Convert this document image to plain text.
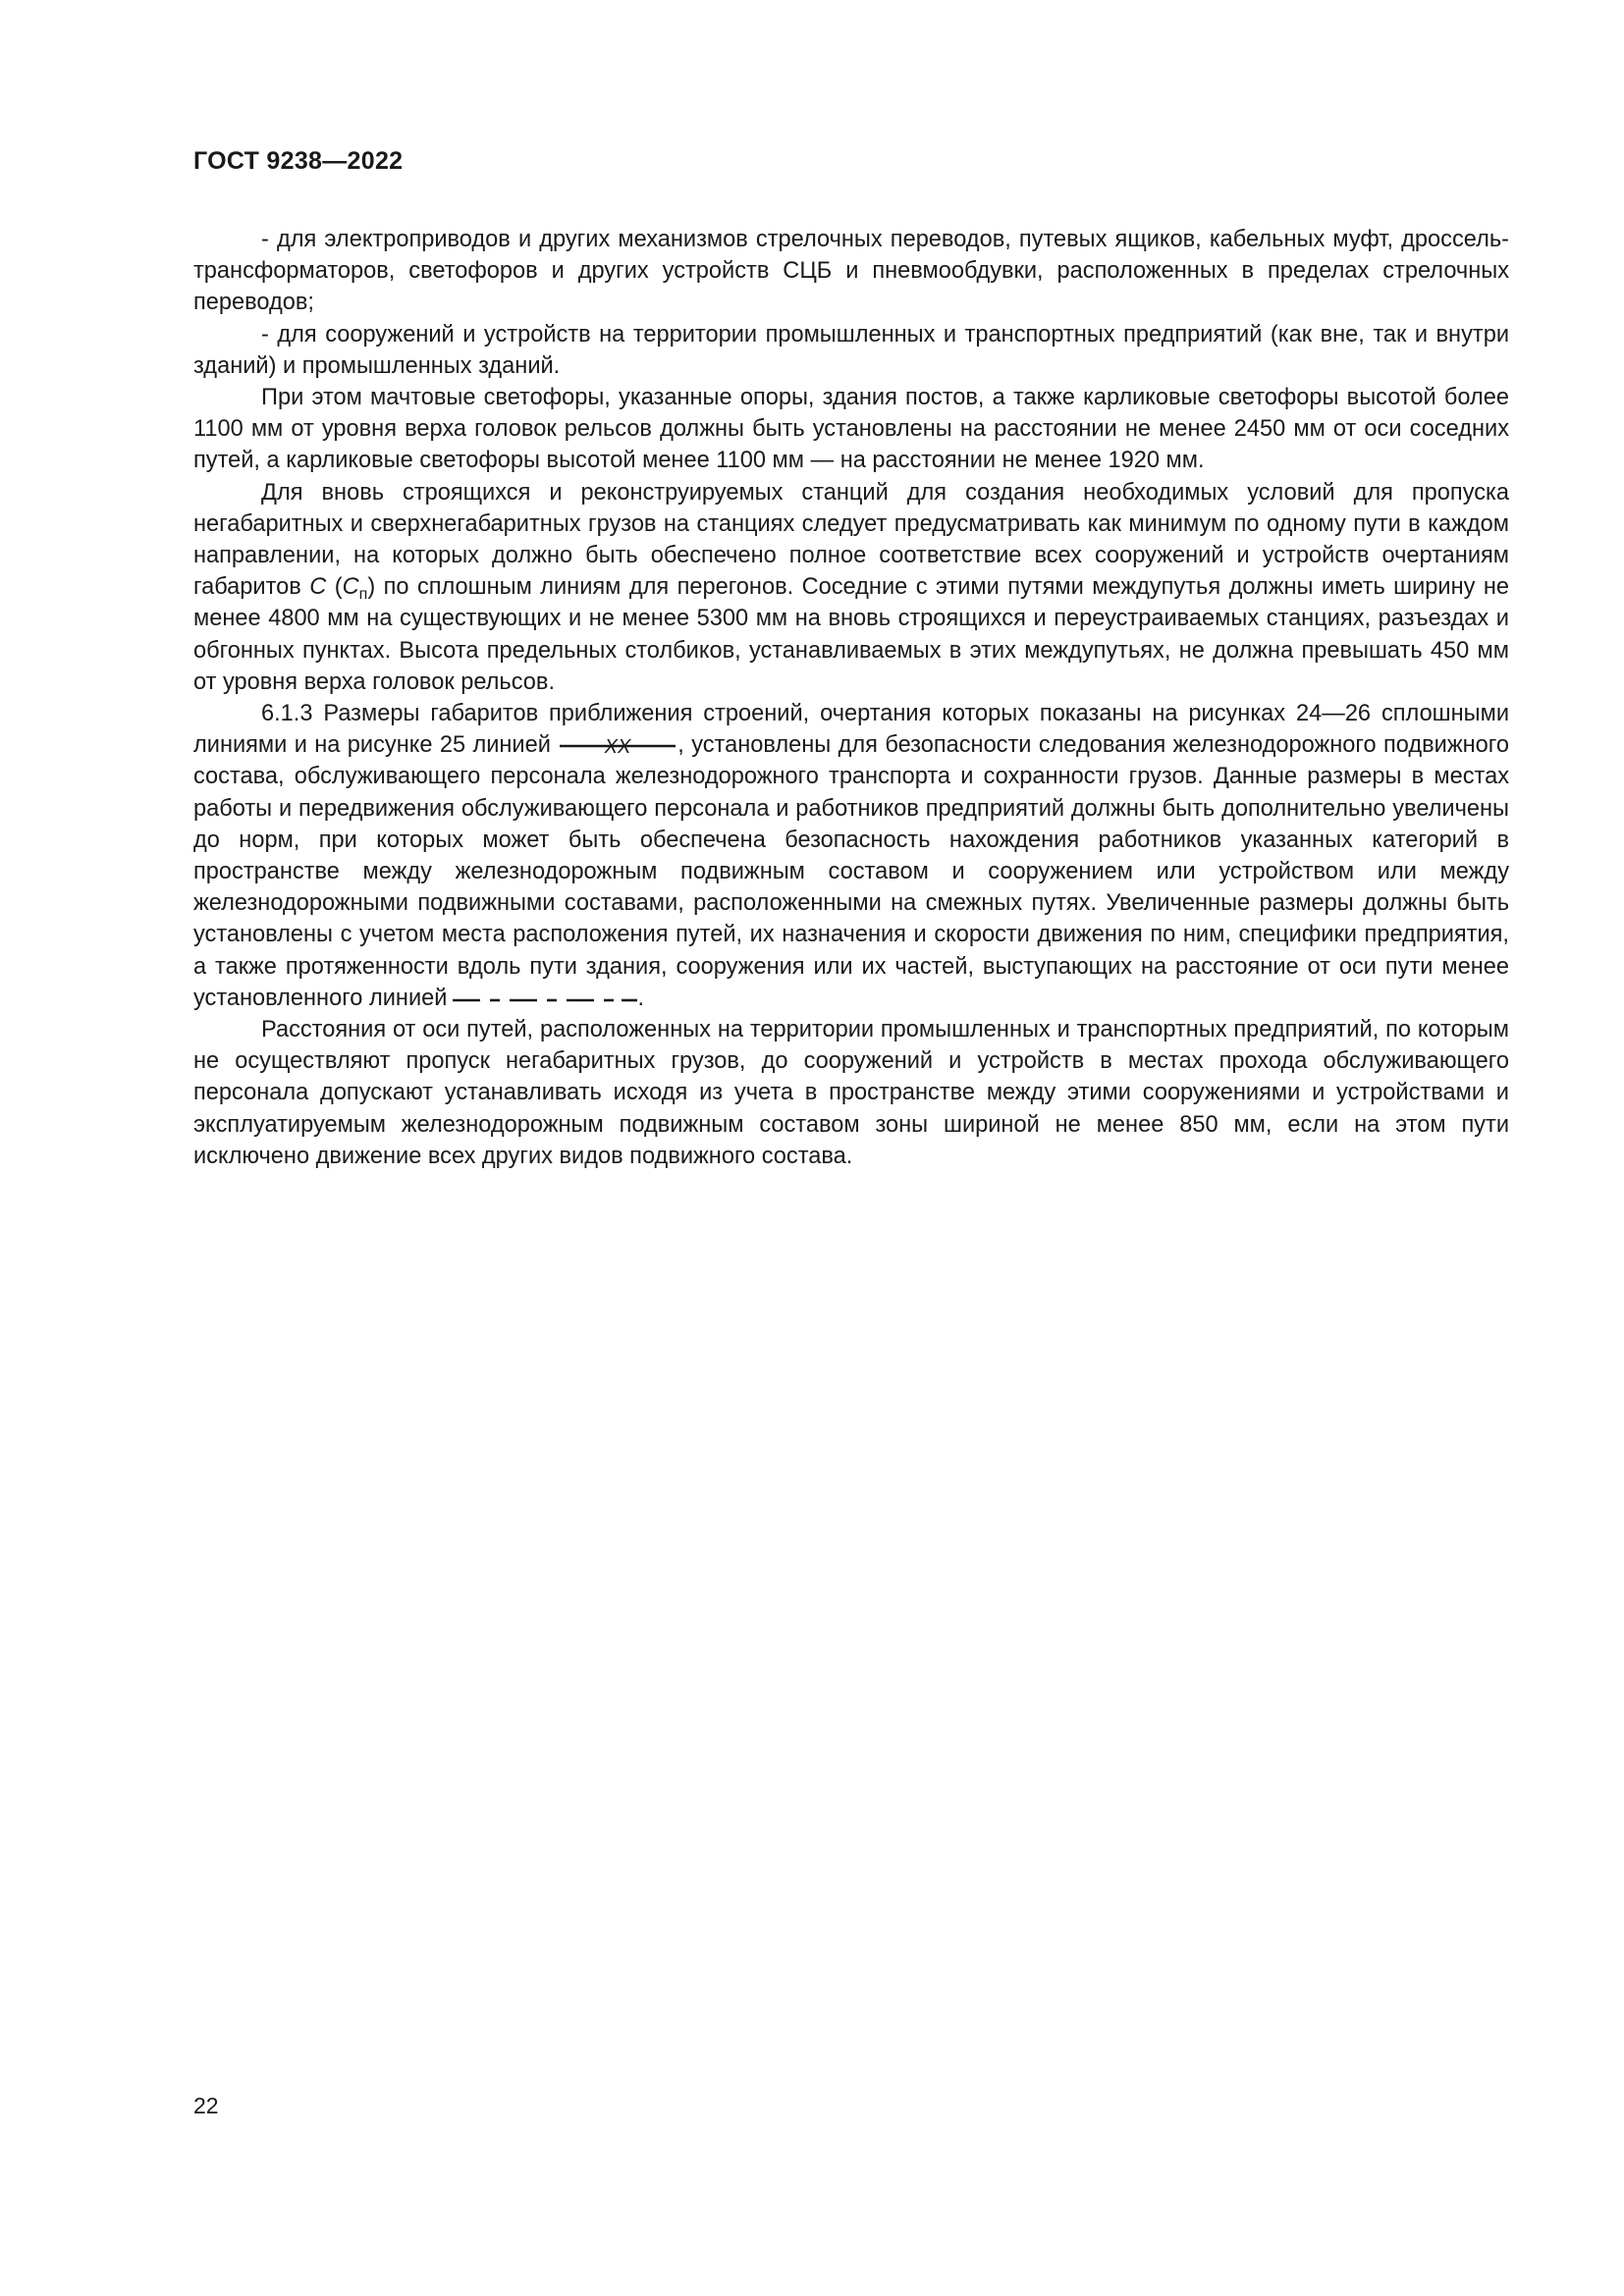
ГОСТ 9238—2022

- для электроприводов и других механизмов стрелочных переводов, путевых ящиков, кабельных муфт, дроссель-трансформаторов, светофоров и других устройств СЦБ и пневмообдувки, расположенных в пределах стрелочных переводов;

- для сооружений и устройств на территории промышленных и транспортных предприятий (как вне, так и внутри зданий) и промышленных зданий.

При этом мачтовые светофоры, указанные опоры, здания постов, а также карликовые светофоры высотой более 1100 мм от уровня верха головок рельсов должны быть установлены на расстоянии не менее 2450 мм от оси соседних путей, а карликовые светофоры высотой менее 1100 мм — на расстоянии не менее 1920 мм.

Для вновь строящихся и реконструируемых станций для создания необходимых условий для пропуска негабаритных и сверхнегабаритных грузов на станциях следует предусматривать как минимум по одному пути в каждом направлении, на которых должно быть обеспечено полное соответствие всех сооружений и устройств очертаниям габаритов С $(С_п)$ по сплошным линиям для перегонов. Соседние с этими путями междупутья должны иметь ширину не менее 4800 мм на существующих и не менее 5300 мм на вновь строящихся и переустраиваемых станциях, разъездах и обгонных пунктах. Высота предельных столбиков, устанавливаемых в этих междупутьях, не должна превышать 450 мм от уровня верха головок рельсов.

6.1.3 Размеры габаритов приближения строений, очертания которых показаны на рисунках 24—26 сплошными линиями и на рисунке 25 линией	XX , установлены для безопасности следования железнодорожного подвижного состава, обслуживающего персонала железнодорожного транспорта и сохранности грузов. Данные размеры в местах работы и передвижения обслуживающего персонала и работников предприятий должны быть дополнительно увеличены до норм, при которых может быть обеспечена безопасность нахождения работников указанных категорий в пространстве между железнодорожным подвижным составом и сооружением или устройством или между железнодорожными подвижными составами, расположенными на смежных путях. Увеличенные размеры должны быть установлены с учетом места расположения путей, их назначения и скорости движения по ним, специфики предприятия, а также протяженности вдоль пути здания, сооружения или их частей, выступающих на расстояние от оси пути менее установленного линией	.

Расстояния от оси путей, расположенных на территории промышленных и транспортных предприятий, по которым не осуществляют пропуск негабаритных грузов, до сооружений и устройств в местах прохода обслуживающего персонала допускают устанавливать исходя из учета в пространстве между этими сооружениями и устройствами и эксплуатируемым железнодорожным подвижным составом зоны шириной не менее 850 мм, если на этом пути исключено движение всех других видов подвижного состава.

22
